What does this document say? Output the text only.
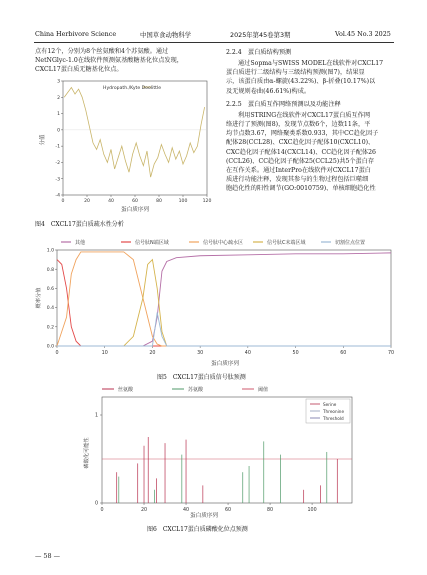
China Herbivore Science	中国草食动物科学	2025年第45卷第3期	Vol.45 No.3 2025

点有12个，分别为8个丝氨酸和4个苏氨酸。通过

NetNGlyc-1.0在线软件预测氨基酸糖基化位点发现，

CXCL17蛋白质无糖基化位点。

Hydropath./Kyte Doolittle
3
2
1
0
-1
-2
-3
-4
0	20	40	60	80	100	120
分值
蛋白质序列
图4　CXCL17蛋白质疏水性分析
2.2.4　蛋白质结构预测

通过Sopma与SWISS MODEL在线软件对CXCL17

蛋白质进行二级结构与三级结构预测(图7)，结果显

示，该蛋白质由α-螺旋(43.22%)、β-折叠(10.17%)以

及无规则卷曲(46.61%)构成。

2.2.5　蛋白质互作网络预测以及功能注释

利用STRING在线软件对CXCL17蛋白质互作网

络进行了预测(图8)，发现节点数6个，边数11条，平

均节点数3.67，网络聚类系数0.933，其中CC趋化因子

配体28(CCL28)、CXC趋化因子配体10(CXCL10)、

CXC趋化因子配体14(CXCL14)、CC趋化因子配体26

(CCL26)、CC趋化因子配体25(CCL25)共5个蛋白存

在互作关系。通过InterPro在线软件对CXCL17蛋白

质进行功能注释，发现其参与的生物过程包括巨噬细

胞趋化性的阳性调节(GO:0010759)、单核细胞趋化性

其他	信号肽N端区域	信号肽中心疏水区	信号肽C末端区域	切割位点位置
1.0
0.8
0.6
0.4
0.2
0.0
0	10	20	30	40	50	60	70
概率分值
蛋白质序列
图5　CXCL17蛋白质信号肽预测
丝氨酸	苏氨酸	阈值
Serine
Threonine
Threshold
1
0
0	20	40	60	80	100
磷酸化可能性
蛋白质序列
图6　CXCL17蛋白质磷酸化位点预测
— 58 —
